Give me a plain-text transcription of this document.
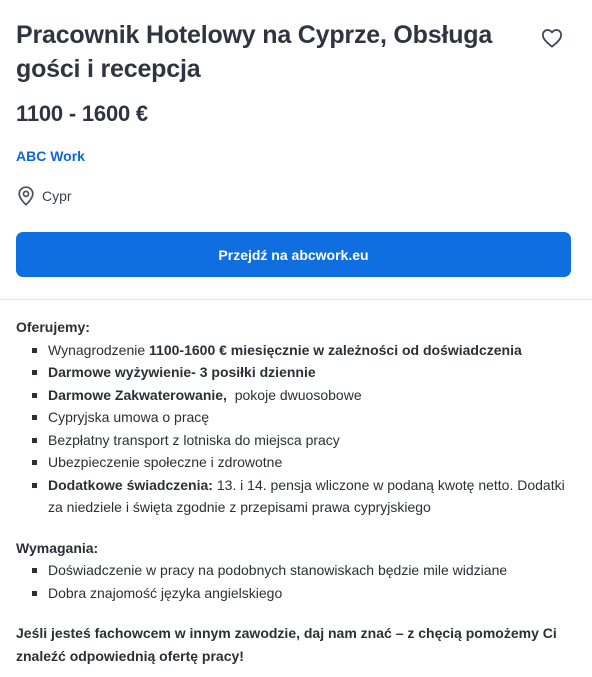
Pracownik Hotelowy na Cyprze, Obsługa gości i recepcja
1100 - 1600 €
ABC Work
Cypr
Przejdź na abcwork.eu

Oferujemy:

Wynagrodzenie 1100-1600 € miesięcznie w zależności od doświadczenia
Darmowe wyżywienie- 3 posiłki dziennie
Darmowe Zakwaterowanie,  pokoje dwuosobowe
Cypryjska umowa o pracę
Bezpłatny transport z lotniska do miejsca pracy
Ubezpieczenie społeczne i zdrowotne
Dodatkowe świadczenia: 13. i 14. pensja wliczone w podaną kwotę netto. Dodatki za niedziele i święta zgodnie z przepisami prawa cypryjskiego

Wymagania:

Doświadczenie w pracy na podobnych stanowiskach będzie mile widziane
Dobra znajomość języka angielskiego

Jeśli jesteś fachowcem w innym zawodzie, daj nam znać – z chęcią pomożemy Ci znaleźć odpowiednią ofertę pracy!
